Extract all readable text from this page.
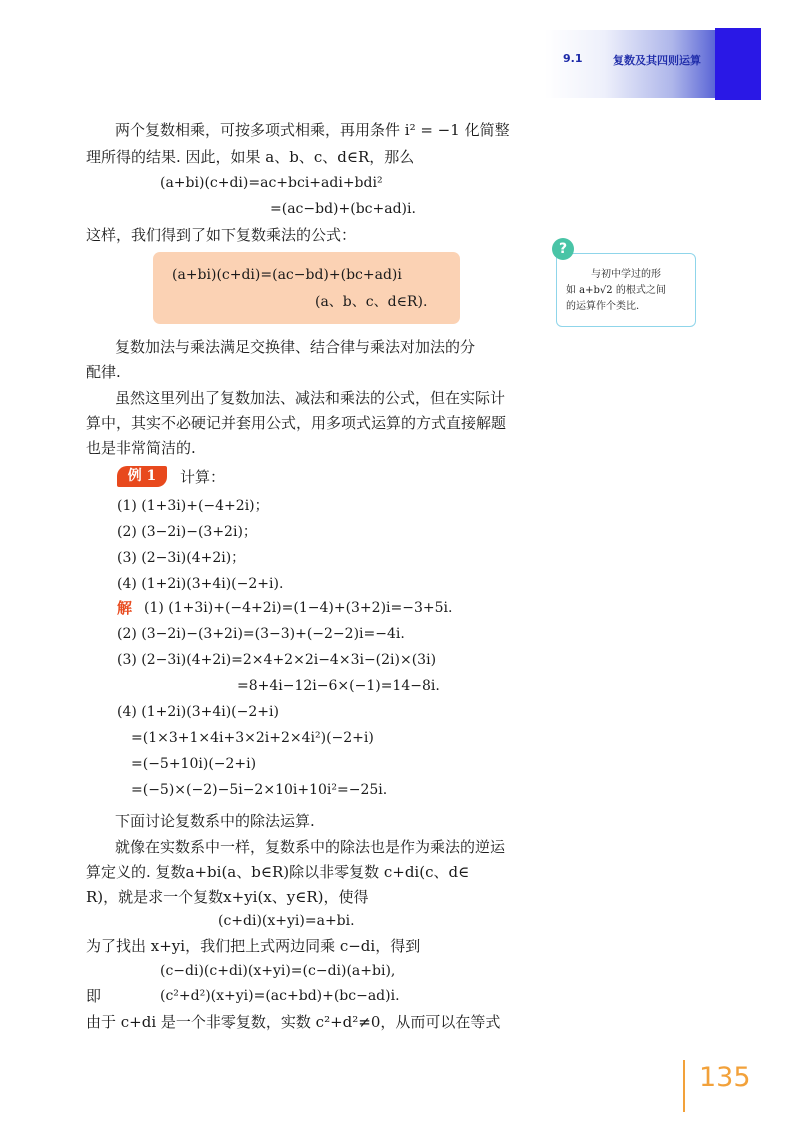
9.1	复数及其四则运算
两个复数相乘，可按多项式相乘，再用条件 i² = −1 化简整
理所得的结果. 因此，如果 a、b、c、d∈R，那么
(a+bi)(c+di)=ac+bci+adi+bdi²
=(ac−bd)+(bc+ad)i.
这样，我们得到了如下复数乘法的公式：
(a+bi)(c+di)=(ac−bd)+(bc+ad)i
(a、b、c、d∈R).
?
与初中学过的形
如 a+b√2 的根式之间
的运算作个类比.
复数加法与乘法满足交换律、结合律与乘法对加法的分
配律.
虽然这里列出了复数加法、减法和乘法的公式，但在实际计
算中，其实不必硬记并套用公式，用多项式运算的方式直接解题
也是非常简洁的.
例 1	计算：
(1) (1+3i)+(−4+2i)；
(2) (3−2i)−(3+2i)；
(3) (2−3i)(4+2i)；
(4) (1+2i)(3+4i)(−2+i).
解 (1) (1+3i)+(−4+2i)=(1−4)+(3+2)i=−3+5i.
(2) (3−2i)−(3+2i)=(3−3)+(−2−2)i=−4i.
(3) (2−3i)(4+2i)=2×4+2×2i−4×3i−(2i)×(3i)
=8+4i−12i−6×(−1)=14−8i.
(4) (1+2i)(3+4i)(−2+i)
=(1×3+1×4i+3×2i+2×4i²)(−2+i)
=(−5+10i)(−2+i)
=(−5)×(−2)−5i−2×10i+10i²=−25i.
下面讨论复数系中的除法运算.
就像在实数系中一样，复数系中的除法也是作为乘法的逆运
算定义的. 复数a+bi(a、b∈R)除以非零复数 c+di(c、d∈
R)，就是求一个复数x+yi(x、y∈R)，使得
(c+di)(x+yi)=a+bi.
为了找出 x+yi，我们把上式两边同乘 c−di，得到
(c−di)(c+di)(x+yi)=(c−di)(a+bi),
即	(c²+d²)(x+yi)=(ac+bd)+(bc−ad)i.
由于 c+di 是一个非零复数，实数 c²+d²≠0，从而可以在等式
135
